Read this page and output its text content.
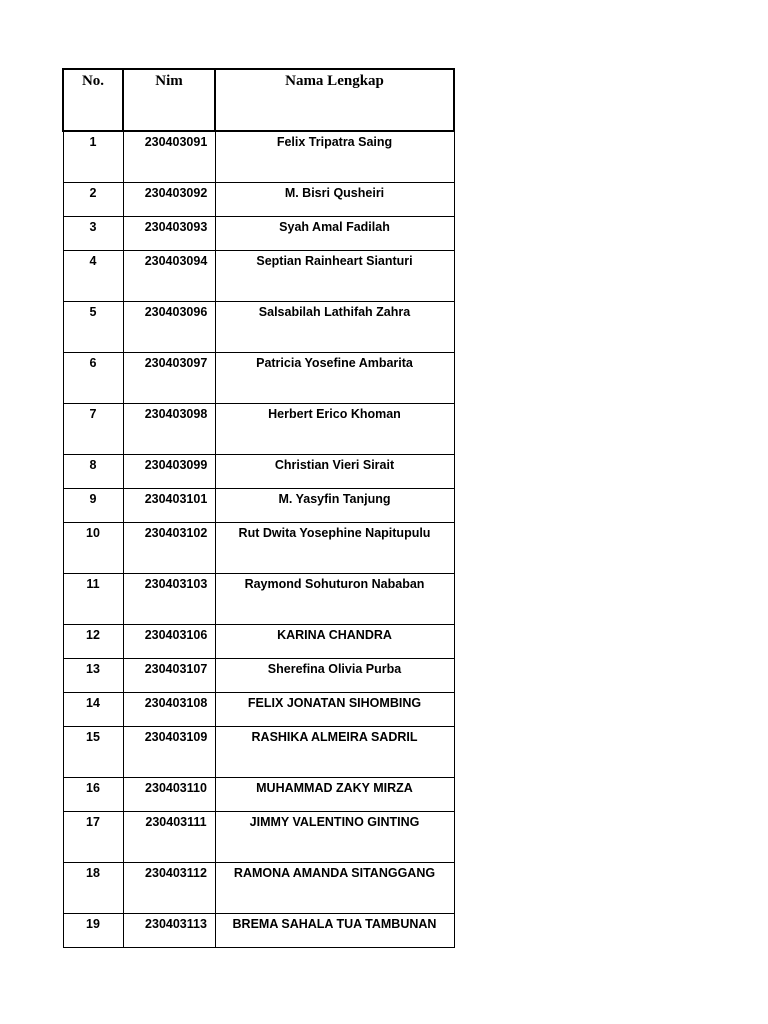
No.	Nim	Nama Lengkap
1	230403091	Felix Tripatra Saing
2	230403092	M. Bisri Qusheiri
3	230403093	Syah Amal Fadilah
4	230403094	Septian Rainheart Sianturi
5	230403096	Salsabilah Lathifah Zahra
6	230403097	Patricia Yosefine Ambarita
7	230403098	Herbert Erico Khoman
8	230403099	Christian Vieri Sirait
9	230403101	M. Yasyfin Tanjung
10	230403102	Rut Dwita Yosephine Napitupulu
11	230403103	Raymond Sohuturon Nababan
12	230403106	KARINA CHANDRA
13	230403107	Sherefina Olivia Purba
14	230403108	FELIX JONATAN SIHOMBING
15	230403109	RASHIKA ALMEIRA SADRIL
16	230403110	MUHAMMAD ZAKY MIRZA
17	230403111	JIMMY VALENTINO GINTING
18	230403112	RAMONA AMANDA SITANGGANG
19	230403113	BREMA SAHALA TUA TAMBUNAN
